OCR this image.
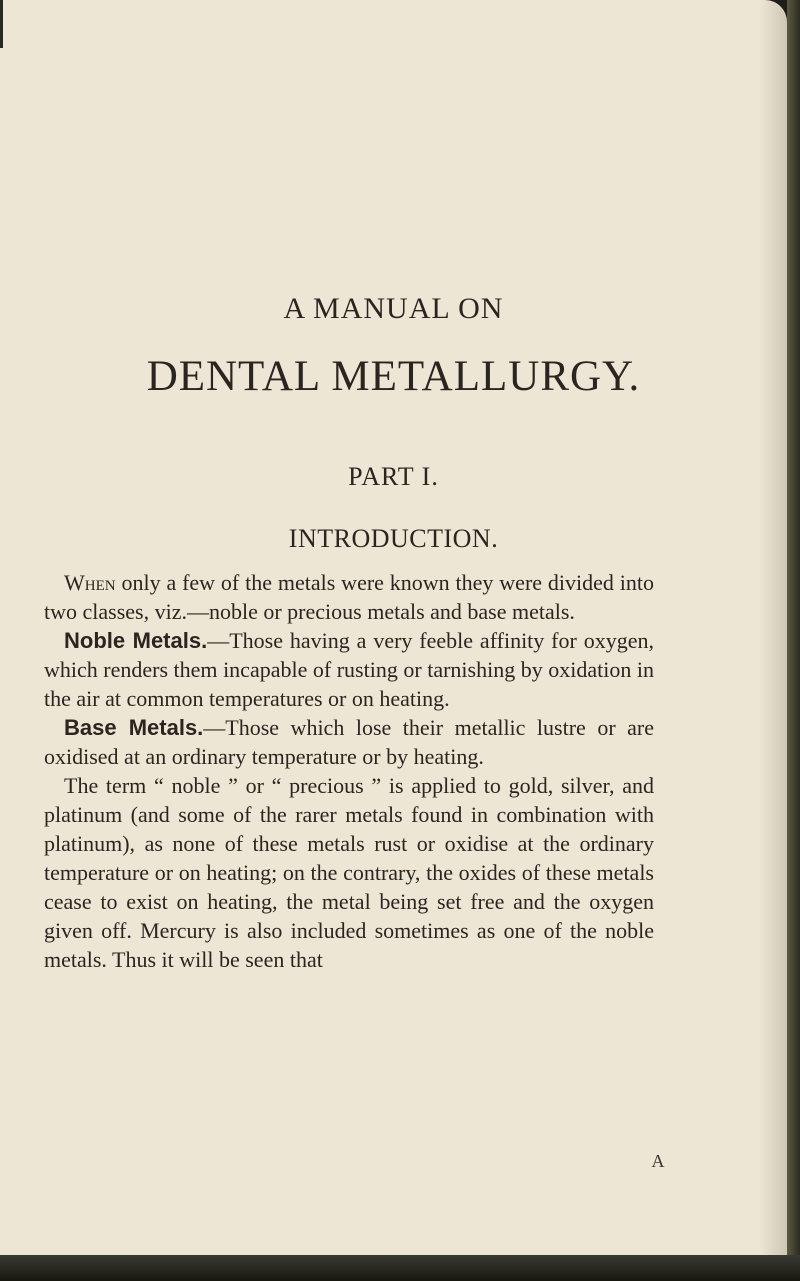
A MANUAL ON
DENTAL METALLURGY.
PART I.
INTRODUCTION.

When only a few of the metals were known they were divided into two classes, viz.—noble or precious metals and base metals.

Noble Metals.—Those having a very feeble affinity for oxygen, which renders them incapable of rusting or tarnishing by oxidation in the air at common temperatures or on heating.

Base Metals.—Those which lose their metallic lustre or are oxidised at an ordinary temperature or by heating.

The term “ noble ” or “ precious ” is applied to gold, silver, and platinum (and some of the rarer metals found in combination with platinum), as none of these metals rust or oxidise at the ordinary temperature or on heating; on the contrary, the oxides of these metals cease to exist on heating, the metal being set free and the oxygen given off. Mercury is also included sometimes as one of the noble metals. Thus it will be seen that

A
